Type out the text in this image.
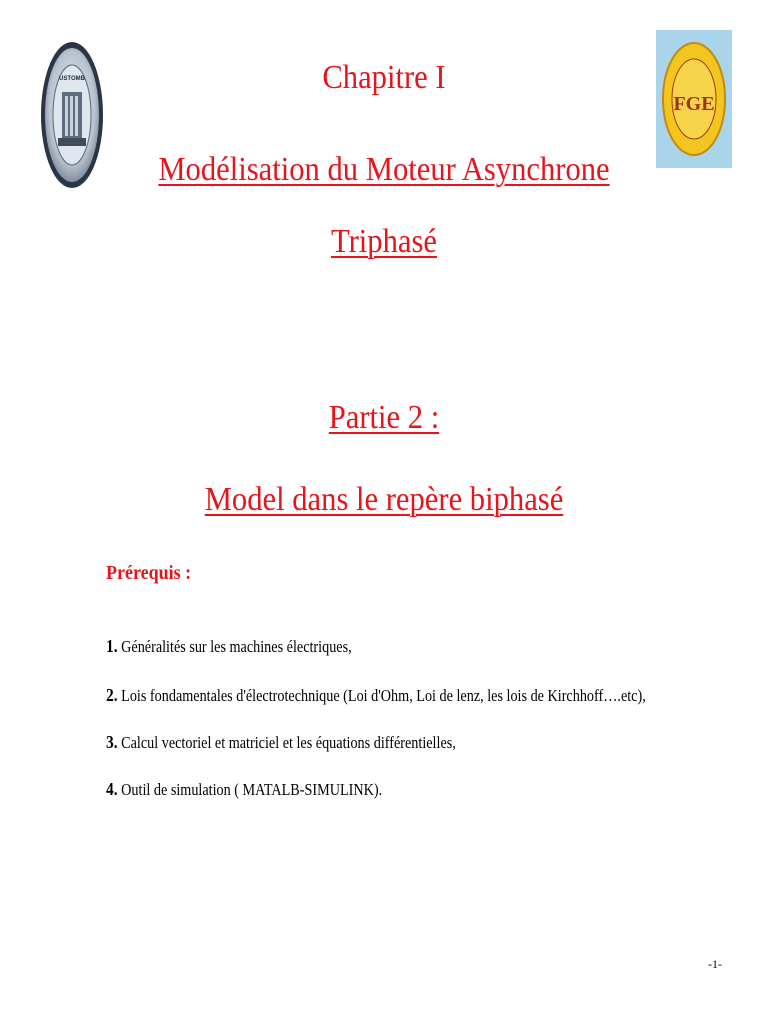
USTOMB
FGE
Chapitre I
Modélisation du Moteur Asynchrone
Triphasé
Partie 2 :
Model dans le repère biphasé
Prérequis :
1. Généralités sur les machines électriques,
2. Lois fondamentales d'électrotechnique (Loi d'Ohm, Loi de lenz, les lois de Kirchhoff….etc),
3. Calcul vectoriel et matriciel et les équations différentielles,
4. Outil de simulation ( MATALB-SIMULINK).
-1-
